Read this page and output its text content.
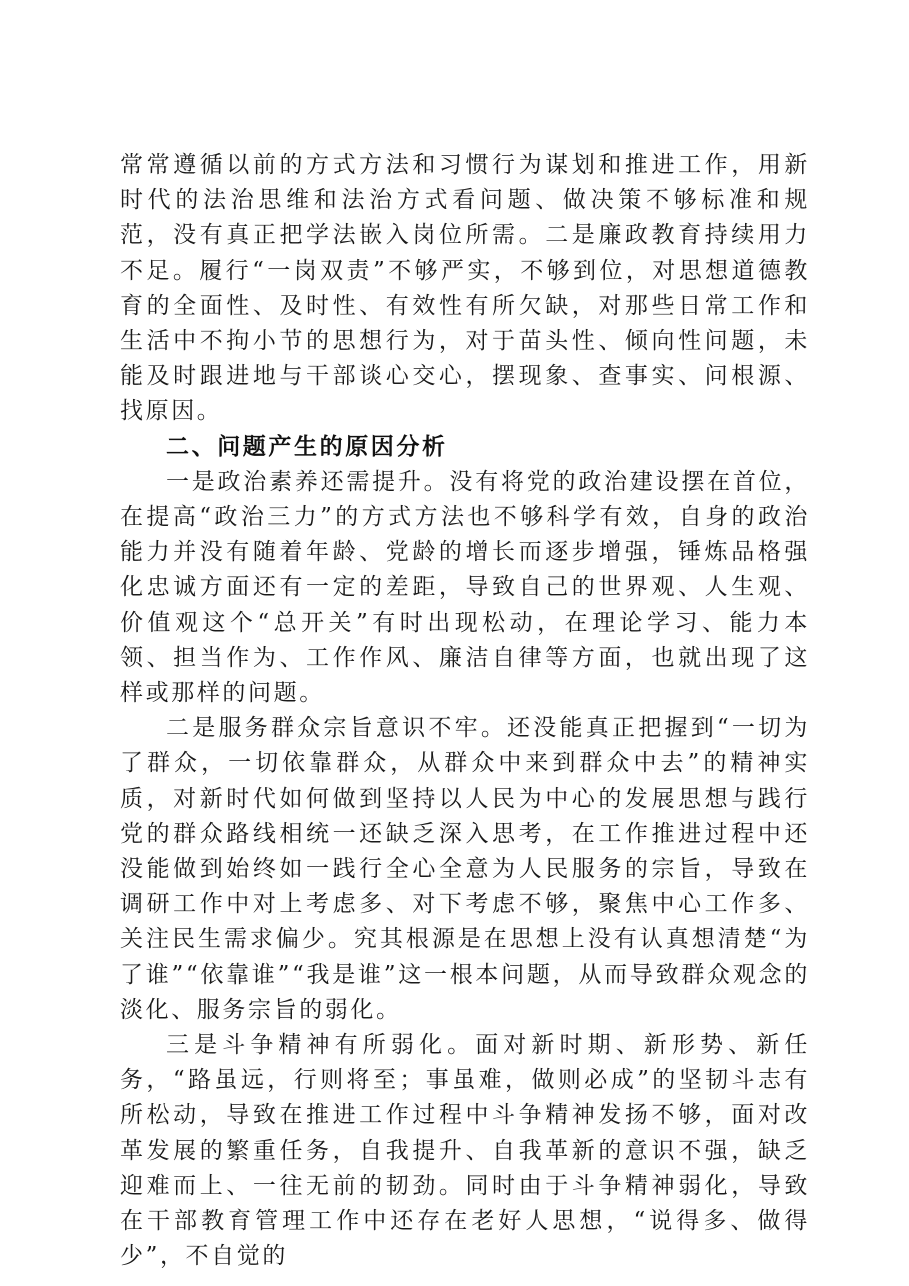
常常遵循以前的方式方法和习惯行为谋划和推进工作，用新时代的法治思维和法治方式看问题、做决策不够标准和规范，没有真正把学法嵌入岗位所需。二是廉政教育持续用力不足。履行“一岗双责”不够严实，不够到位，对思想道德教育的全面性、及时性、有效性有所欠缺，对那些日常工作和生活中不拘小节的思想行为，对于苗头性、倾向性问题，未能及时跟进地与干部谈心交心，摆现象、查事实、问根源、找原因。

二、问题产生的原因分析

一是政治素养还需提升。没有将党的政治建设摆在首位，在提高“政治三力”的方式方法也不够科学有效，自身的政治能力并没有随着年龄、党龄的增长而逐步增强，锤炼品格强化忠诚方面还有一定的差距，导致自己的世界观、人生观、价值观这个“总开关”有时出现松动，在理论学习、能力本领、担当作为、工作作风、廉洁自律等方面，也就出现了这样或那样的问题。

二是服务群众宗旨意识不牢。还没能真正把握到“一切为了群众，一切依靠群众，从群众中来到群众中去”的精神实质，对新时代如何做到坚持以人民为中心的发展思想与践行党的群众路线相统一还缺乏深入思考，在工作推进过程中还没能做到始终如一践行全心全意为人民服务的宗旨，导致在调研工作中对上考虑多、对下考虑不够，聚焦中心工作多、关注民生需求偏少。究其根源是在思想上没有认真想清楚“为了谁”“依靠谁”“我是谁”这一根本问题，从而导致群众观念的淡化、服务宗旨的弱化。

三是斗争精神有所弱化。面对新时期、新形势、新任务，“路虽远，行则将至；事虽难，做则必成”的坚韧斗志有所松动，导致在推进工作过程中斗争精神发扬不够，面对改革发展的繁重任务，自我提升、自我革新的意识不强，缺乏迎难而上、一往无前的韧劲。同时由于斗争精神弱化，导致在干部教育管理工作中还存在老好人思想，“说得多、做得少”，不自觉的
